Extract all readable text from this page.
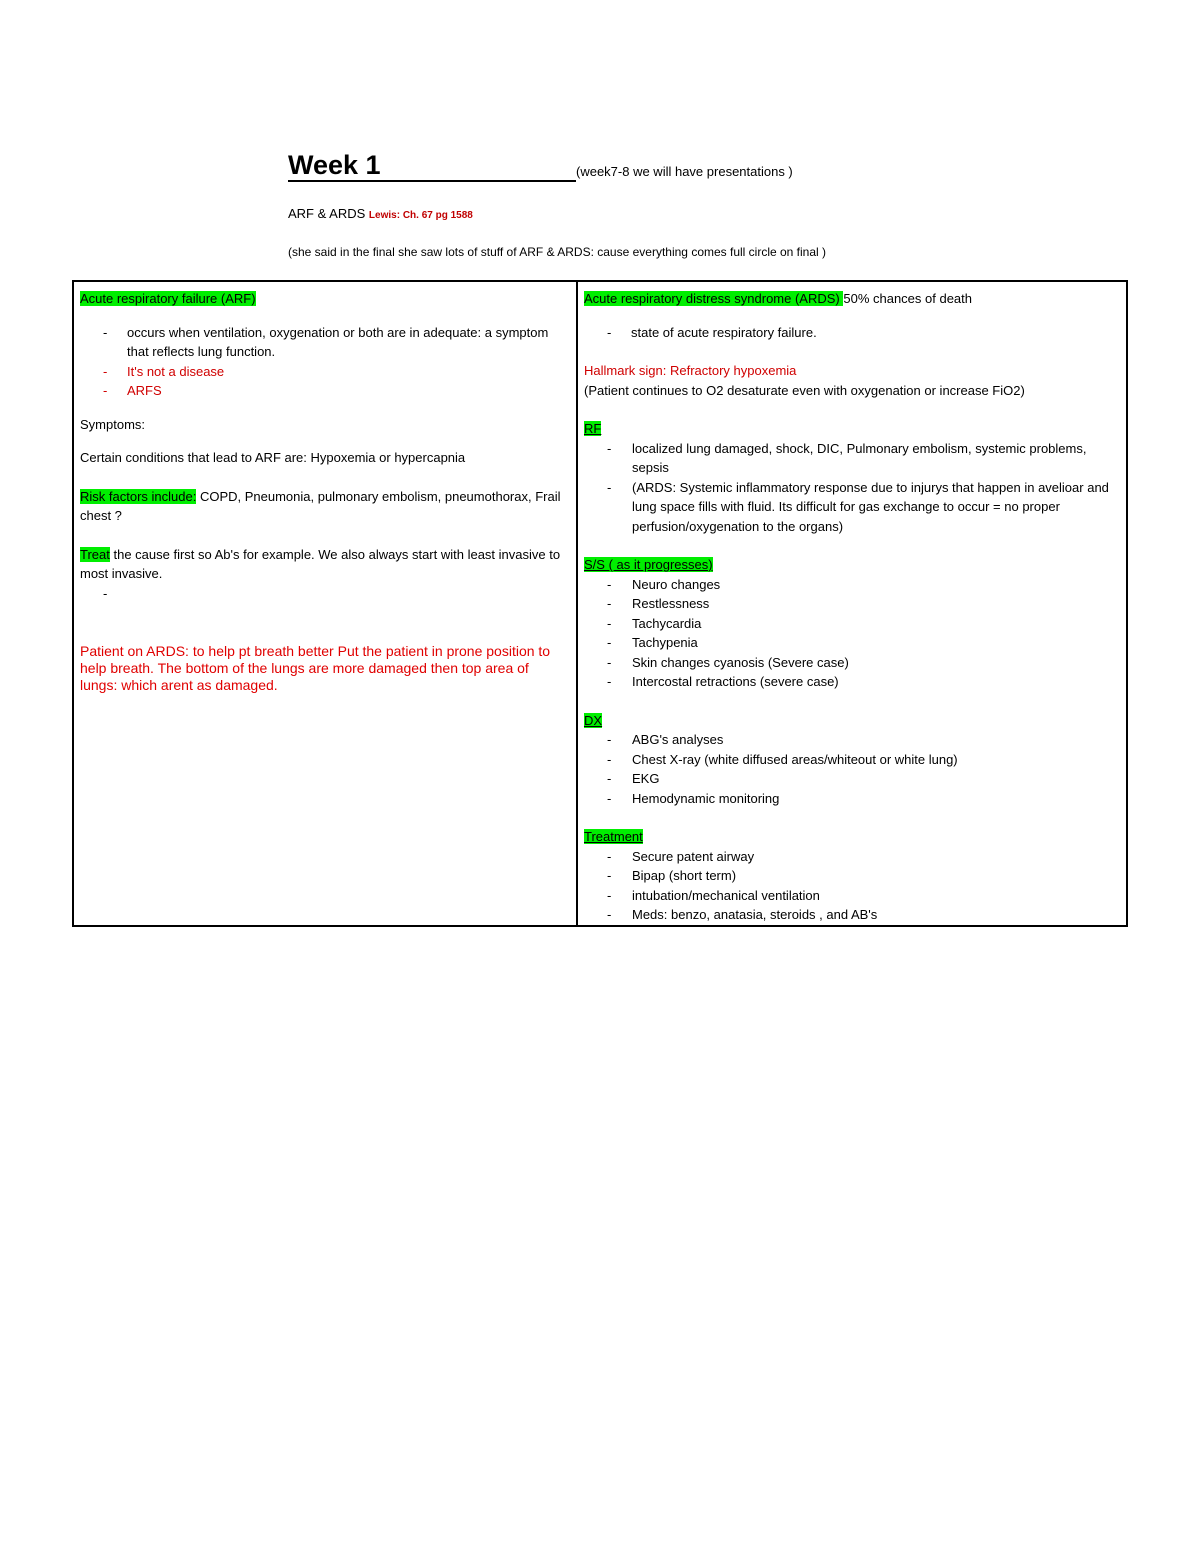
Week 1	(week7-8 we will have presentations )
ARF & ARDS Lewis: Ch. 67 pg 1588
(she said in the final she saw lots of stuff of ARF & ARDS: cause everything comes full circle on final )

Acute respiratory failure (ARF)

- occurs when ventilation, oxygenation or both are in adequate: a symptom that reflects lung function.
- It's not a disease
- ARFS

Symptoms:

Certain conditions that lead to ARF are: Hypoxemia or hypercapnia

Risk factors include: COPD, Pneumonia, pulmonary embolism, pneumothorax, Frail chest ?

Treat the cause first so Ab's for example. We also always start with least invasive to most invasive.

-

Patient on ARDS: to help pt breath better Put the patient in prone position to help breath. The bottom of the lungs are more damaged then top area of lungs: which arent as damaged.

Acute respiratory distress syndrome (ARDS) 50% chances of death

- state of acute respiratory failure.

Hallmark sign: Refractory hypoxemia

(Patient continues to O2 desaturate even with oxygenation or increase FiO2)

RF

- localized lung damaged, shock, DIC, Pulmonary embolism, systemic problems, sepsis
- (ARDS: Systemic inflammatory response due to injurys that happen in avelioar and lung space fills with fluid. Its difficult for gas exchange to occur = no proper perfusion/oxygenation to the organs)

S/S ( as it progresses)

- Neuro changes
- Restlessness
- Tachycardia
- Tachypenia
- Skin changes cyanosis (Severe case)
- Intercostal retractions (severe case)

DX

- ABG's analyses
- Chest X-ray (white diffused areas/whiteout or white lung)
- EKG
- Hemodynamic monitoring

Treatment

- Secure patent airway
- Bipap (short term)
- intubation/mechanical ventilation
- Meds: benzo, anatasia, steroids , and AB's
